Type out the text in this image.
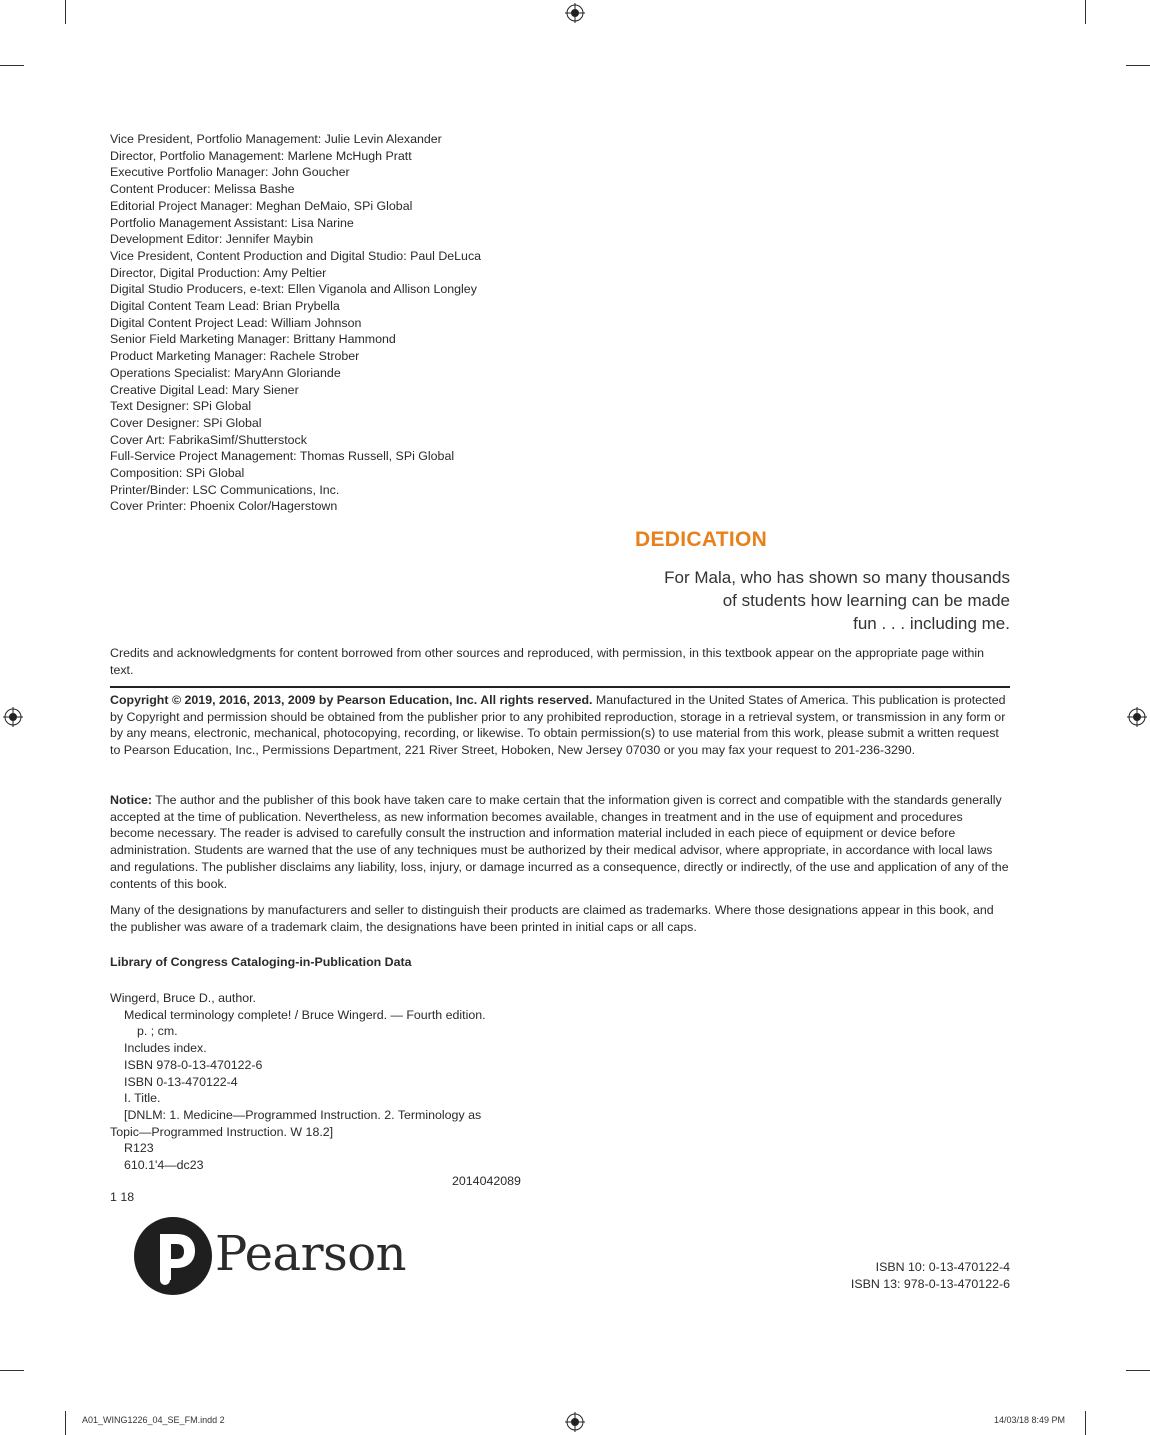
Vice President, Portfolio Management: Julie Levin Alexander
Director, Portfolio Management: Marlene McHugh Pratt
Executive Portfolio Manager: John Goucher
Content Producer: Melissa Bashe
Editorial Project Manager: Meghan DeMaio, SPi Global
Portfolio Management Assistant: Lisa Narine
Development Editor: Jennifer Maybin
Vice President, Content Production and Digital Studio: Paul DeLuca
Director, Digital Production: Amy Peltier
Digital Studio Producers, e-text: Ellen Viganola and Allison Longley
Digital Content Team Lead: Brian Prybella
Digital Content Project Lead: William Johnson
Senior Field Marketing Manager: Brittany Hammond
Product Marketing Manager: Rachele Strober
Operations Specialist: MaryAnn Gloriande
Creative Digital Lead: Mary Siener
Text Designer: SPi Global
Cover Designer: SPi Global
Cover Art: FabrikaSimf/Shutterstock
Full-Service Project Management: Thomas Russell, SPi Global
Composition: SPi Global
Printer/Binder: LSC Communications, Inc.
Cover Printer: Phoenix Color/Hagerstown
DEDICATION
For Mala, who has shown so many thousands
of students how learning can be made
fun . . . including me.
Credits and acknowledgments for content borrowed from other sources and reproduced, with permission, in this textbook appear on the appropriate page within text.
Copyright © 2019, 2016, 2013, 2009 by Pearson Education, Inc. All rights reserved. Manufactured in the United States of America. This publication is protected by Copyright and permission should be obtained from the publisher prior to any prohibited reproduction, storage in a retrieval system, or transmission in any form or by any means, electronic, mechanical, photocopying, recording, or likewise. To obtain permission(s) to use material from this work, please submit a written request to Pearson Education, Inc., Permissions Department, 221 River Street, Hoboken, New Jersey 07030 or you may fax your request to 201-236-3290.
Notice: The author and the publisher of this book have taken care to make certain that the information given is correct and compatible with the standards generally accepted at the time of publication. Nevertheless, as new information becomes available, changes in treatment and in the use of equipment and procedures become necessary. The reader is advised to carefully consult the instruction and information material included in each piece of equipment or device before administration. Students are warned that the use of any techniques must be authorized by their medical advisor, where appropriate, in accordance with local laws and regulations. The publisher disclaims any liability, loss, injury, or damage incurred as a consequence, directly or indirectly, of the use and application of any of the contents of this book.
Many of the designations by manufacturers and seller to distinguish their products are claimed as trademarks. Where those designations appear in this book, and the publisher was aware of a trademark claim, the designations have been printed in initial caps or all caps.
Library of Congress Cataloging-in-Publication Data
Wingerd, Bruce D., author.
Medical terminology complete! / Bruce Wingerd. — Fourth edition.
p. ; cm.
Includes index.
ISBN 978-0-13-470122-6
ISBN 0-13-470122-4
I. Title.
[DNLM: 1. Medicine—Programmed Instruction. 2. Terminology as
Topic—Programmed Instruction. W 18.2]
R123
610.1'4—dc23
2014042089
1 18
Pearson	ISBN 10: 0-13-470122-4
ISBN 13: 978-0-13-470122-6
A01_WING1226_04_SE_FM.indd 2	14/03/18 8:49 PM
